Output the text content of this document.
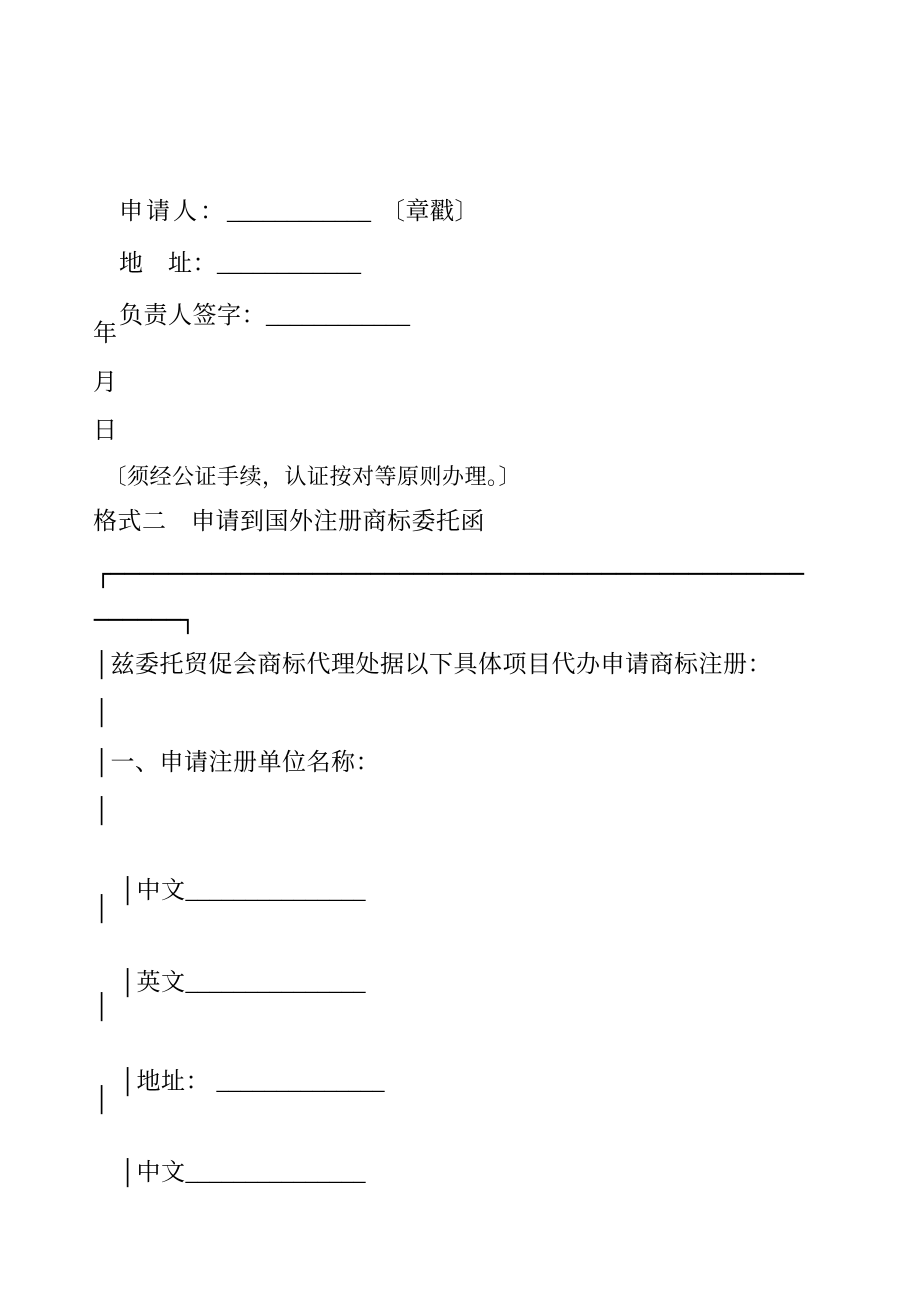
申请人：____________ 〔章戳〕

地　址：____________

负责人签字：____________

年
月
日
　〔须经公证手续，认证按对等原则办理。〕
格式二　申请到国外注册商标委托函
┌────────────────────────────────────────────────
──────┐
│兹委托贸促会商标代理处据以下具体项目代办申请商标注册：
│
│一、申请注册单位名称：
│

│中文_______________

│

│英文_______________

│

│地址： ______________

│

│中文_______________
